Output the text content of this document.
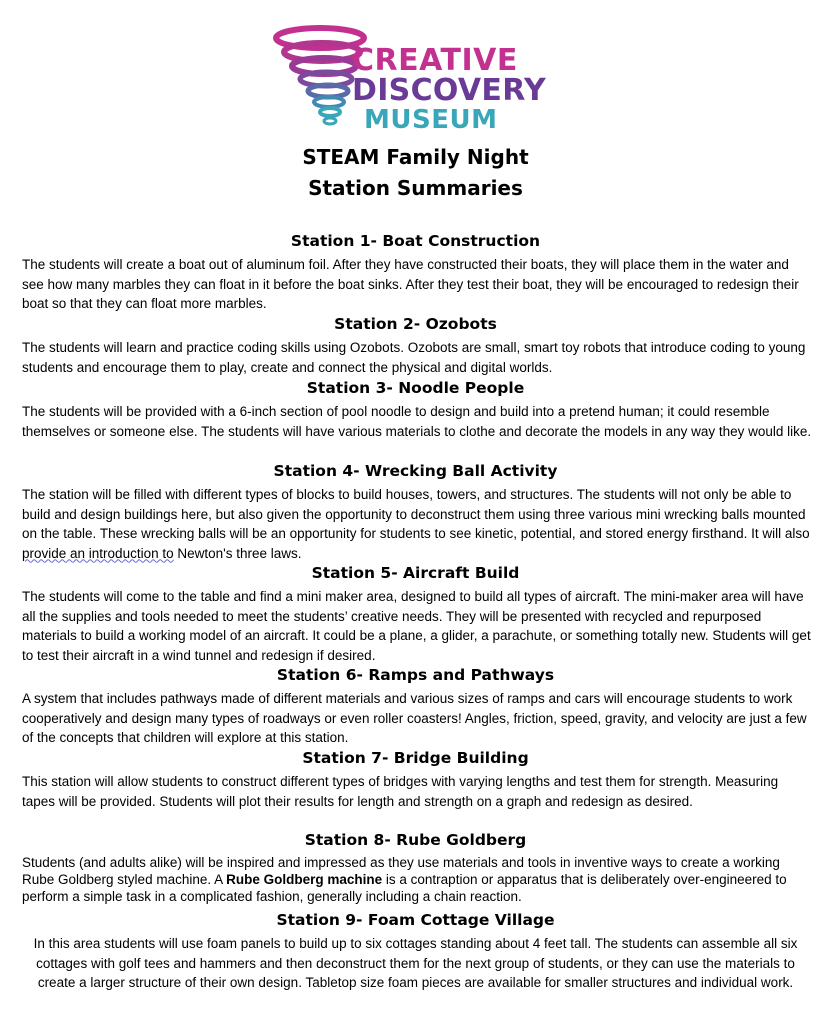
CREATIVE
DISCOVERY
MUSEUM
STEAM Family Night
Station Summaries
Station 1- Boat Construction
The students will create a boat out of aluminum foil. After they have constructed their boats, they will place them in the water and see how many marbles they can float in it before the boat sinks. After they test their boat, they will be encouraged to redesign their boat so that they can float more marbles.
Station 2- Ozobots
The students will learn and practice coding skills using Ozobots. Ozobots are small, smart toy robots that introduce coding to young students and encourage them to play, create and connect the physical and digital worlds.
Station 3- Noodle People
The students will be provided with a 6-inch section of pool noodle to design and build into a pretend human; it could resemble themselves or someone else. The students will have various materials to clothe and decorate the models in any way they would like.
Station 4- Wrecking Ball Activity
The station will be filled with different types of blocks to build houses, towers, and structures. The students will not only be able to build and design buildings here, but also given the opportunity to deconstruct them using three various mini wrecking balls mounted on the table. These wrecking balls will be an opportunity for students to see kinetic, potential, and stored energy firsthand. It will also provide an introduction to Newton's three laws.
Station 5- Aircraft Build
The students will come to the table and find a mini maker area, designed to build all types of aircraft. The mini-maker area will have all the supplies and tools needed to meet the students’ creative needs. They will be presented with recycled and repurposed materials to build a working model of an aircraft. It could be a plane, a glider, a parachute, or something totally new. Students will get to test their aircraft in a wind tunnel and redesign if desired.
Station 6- Ramps and Pathways
A system that includes pathways made of different materials and various sizes of ramps and cars will encourage students to work cooperatively and design many types of roadways or even roller coasters! Angles, friction, speed, gravity, and velocity are just a few of the concepts that children will explore at this station.
Station 7- Bridge Building
This station will allow students to construct different types of bridges with varying lengths and test them for strength. Measuring tapes will be provided. Students will plot their results for length and strength on a graph and redesign as desired.
Station 8- Rube Goldberg
Students (and adults alike) will be inspired and impressed as they use materials and tools in inventive ways to create a working Rube Goldberg styled machine. A Rube Goldberg machine is a contraption or apparatus that is deliberately over-engineered to perform a simple task in a complicated fashion, generally including a chain reaction.
Station 9- Foam Cottage Village
In this area students will use foam panels to build up to six cottages standing about 4 feet tall. The students can assemble all six cottages with golf tees and hammers and then deconstruct them for the next group of students, or they can use the materials to create a larger structure of their own design. Tabletop size foam pieces are available for smaller structures and individual work.
